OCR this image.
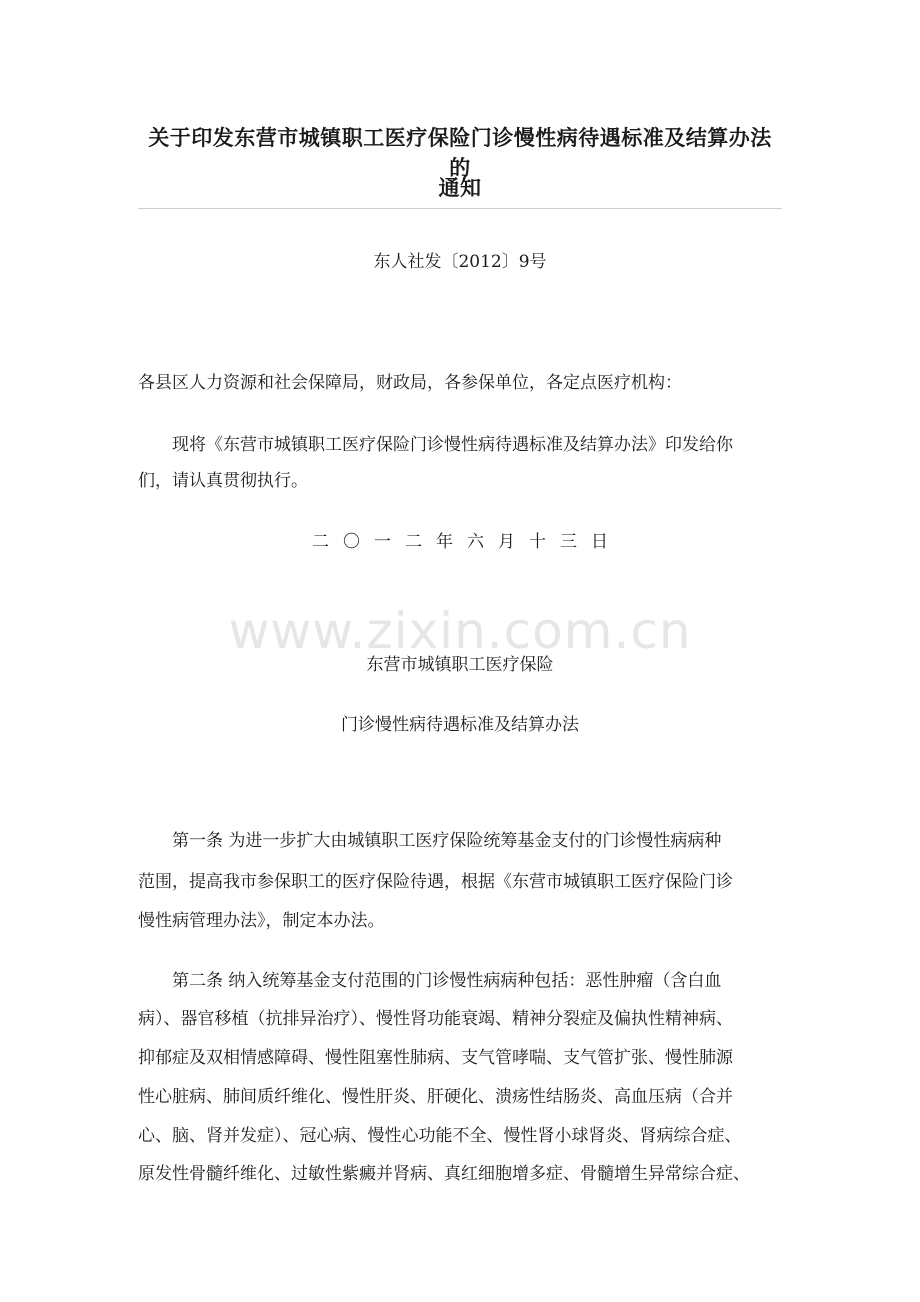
关于印发东营市城镇职工医疗保险门诊慢性病待遇标准及结算办法的
通知
东人社发〔2012〕9号
各县区人力资源和社会保障局，财政局，各参保单位，各定点医疗机构：
　　现将《东营市城镇职工医疗保险门诊慢性病待遇标准及结算办法》印发给你
们，请认真贯彻执行。
二 〇 一 二 年 六 月 十 三 日
www.zixin.com.cn
东营市城镇职工医疗保险
门诊慢性病待遇标准及结算办法
　　第一条 为进一步扩大由城镇职工医疗保险统筹基金支付的门诊慢性病病种
范围，提高我市参保职工的医疗保险待遇，根据《东营市城镇职工医疗保险门诊
慢性病管理办法》，制定本办法。
　　第二条 纳入统筹基金支付范围的门诊慢性病病种包括：恶性肿瘤（含白血
病）、器官移植（抗排异治疗）、慢性肾功能衰竭、精神分裂症及偏执性精神病、
抑郁症及双相情感障碍、慢性阻塞性肺病、支气管哮喘、支气管扩张、慢性肺源
性心脏病、肺间质纤维化、慢性肝炎、肝硬化、溃疡性结肠炎、高血压病（合并
心、脑、肾并发症）、冠心病、慢性心功能不全、慢性肾小球肾炎、肾病综合症、
原发性骨髓纤维化、过敏性紫癜并肾病、真红细胞增多症、骨髓增生异常综合症、
